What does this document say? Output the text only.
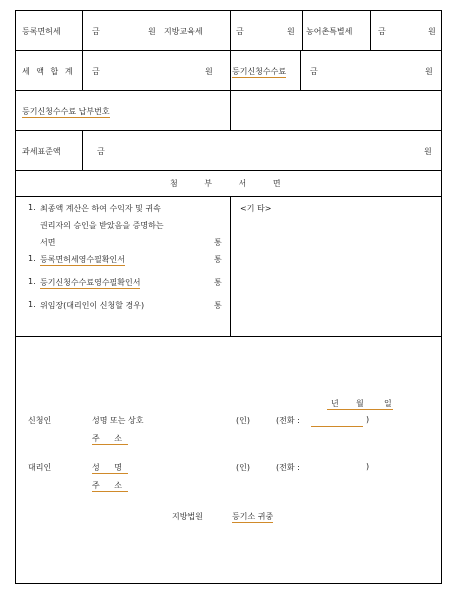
등록면허세	금	원 지방교육세	금	원 농어촌특별세	금	원
세 액 합 계 금	원 등기신청수수료	금	원
등기신청수수료 납부번호
과세표준액	금	원
첨 부 서 면
1. 최종액 계산은 하여 수익자 및 귀속
권리자의 승인을 받았음을 증명하는
서면	통
1. 등록면허세영수필확인서	통
1. 등기신청수수료영수필확인서	통
1. 위임장(대리인이 신청할 경우)	통
<기 타>
년 월	일
신청인	성명 또는 상호	(인)	(전화 :	)
주 소
대리인	성 명	(인)	(전화 :	)
주 소
지방법원	등기소 귀중
